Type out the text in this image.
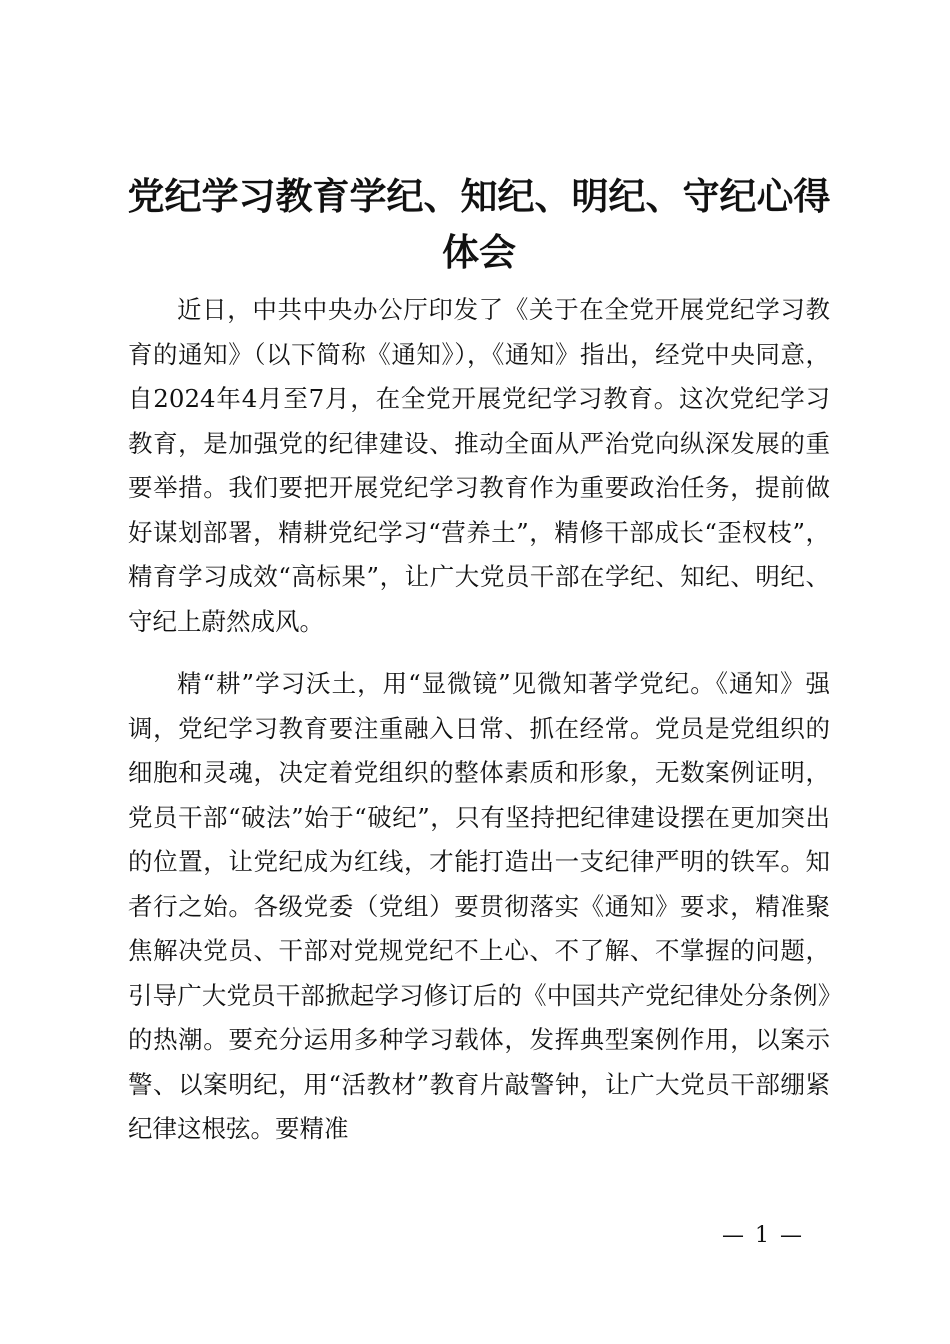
党纪学习教育学纪、知纪、明纪、守纪心得体会

近日，中共中央办公厅印发了《关于在全党开展党纪学习教育的通知》（以下简称《通知》），《通知》指出，经党中央同意，自2024年4月至7月，在全党开展党纪学习教育。这次党纪学习教育，是加强党的纪律建设、推动全面从严治党向纵深发展的重要举措。我们要把开展党纪学习教育作为重要政治任务，提前做好谋划部署，精耕党纪学习“营养土”，精修干部成长“歪杈枝”，精育学习成效“高标果”，让广大党员干部在学纪、知纪、明纪、守纪上蔚然成风。

精“耕”学习沃土，用“显微镜”见微知著学党纪。《通知》强调，党纪学习教育要注重融入日常、抓在经常。党员是党组织的细胞和灵魂，决定着党组织的整体素质和形象，无数案例证明，党员干部“破法”始于“破纪”，只有坚持把纪律建设摆在更加突出的位置，让党纪成为红线，才能打造出一支纪律严明的铁军。知者行之始。各级党委（党组）要贯彻落实《通知》要求，精准聚焦解决党员、干部对党规党纪不上心、不了解、不掌握的问题，引导广大党员干部掀起学习修订后的《中国共产党纪律处分条例》的热潮。要充分运用多种学习载体，发挥典型案例作用，以案示警、以案明纪，用“活教材”教育片敲警钟，让广大党员干部绷紧纪律这根弦。要精准

— 1 —
